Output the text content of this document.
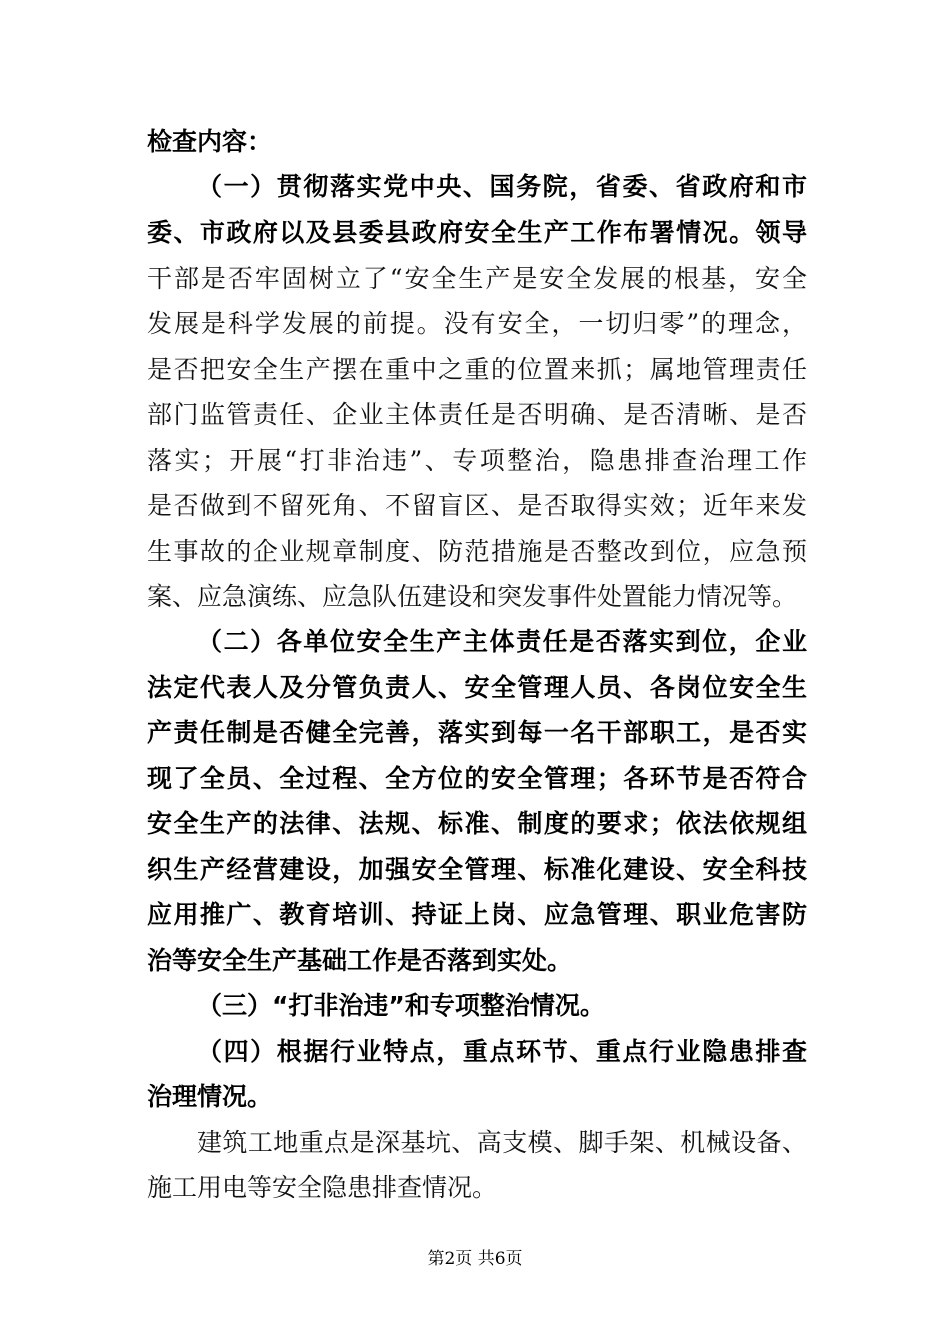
检查内容：
（一）贯彻落实党中央、国务院，省委、省政府和市
委、市政府以及县委县政府安全生产工作布署情况。领导
干部是否牢固树立了“安全生产是安全发展的根基，安全
发展是科学发展的前提。没有安全，一切归零”的理念，
是否把安全生产摆在重中之重的位置来抓；属地管理责任
部门监管责任、企业主体责任是否明确、是否清晰、是否
落实；开展“打非治违”、专项整治，隐患排查治理工作
是否做到不留死角、不留盲区、是否取得实效；近年来发
生事故的企业规章制度、防范措施是否整改到位，应急预
案、应急演练、应急队伍建设和突发事件处置能力情况等。
（二）各单位安全生产主体责任是否落实到位，企业
法定代表人及分管负责人、安全管理人员、各岗位安全生
产责任制是否健全完善，落实到每一名干部职工，是否实
现了全员、全过程、全方位的安全管理；各环节是否符合
安全生产的法律、法规、标准、制度的要求；依法依规组
织生产经营建设，加强安全管理、标准化建设、安全科技
应用推广、教育培训、持证上岗、应急管理、职业危害防
治等安全生产基础工作是否落到实处。
（三）“打非治违”和专项整治情况。
（四）根据行业特点，重点环节、重点行业隐患排查
治理情况。
建筑工地重点是深基坑、高支模、脚手架、机械设备、
施工用电等安全隐患排查情况。
第2页 共6页
